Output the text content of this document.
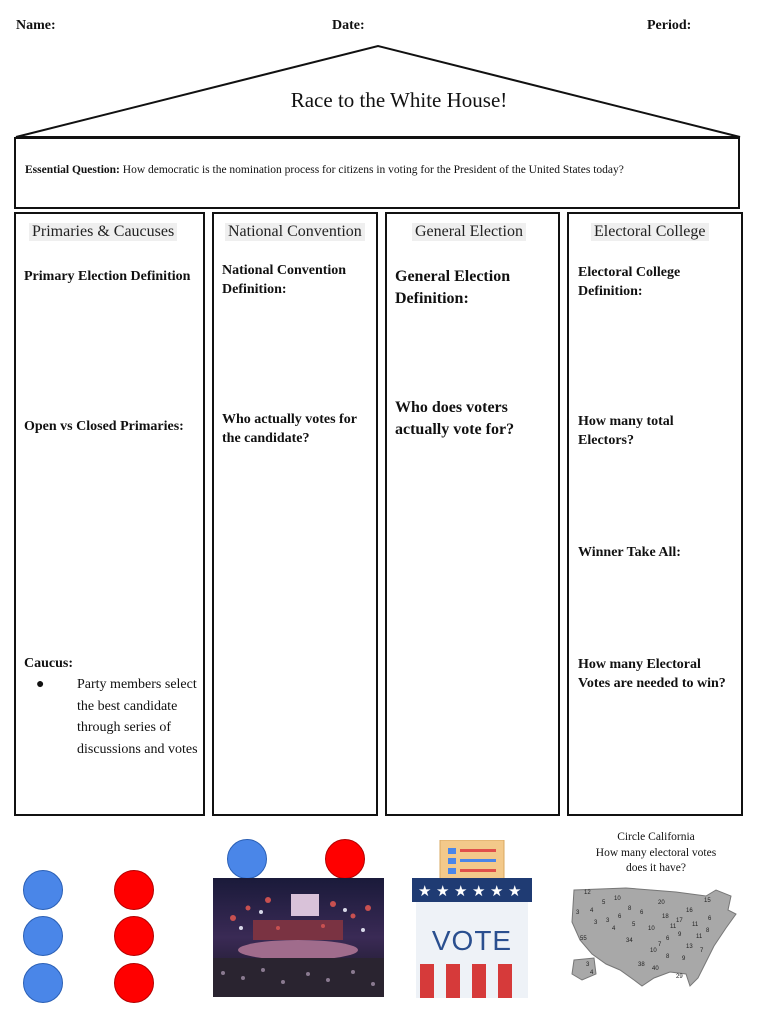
Name:	Date:	Period:
Race to the White House!
Essential Question: How democratic is the nomination process for citizens in voting for the President of the United States today?
Primaries & Caucuses
Primary Election Definition
Open vs Closed Primaries:
Caucus:
● Party members select the best candidate through series of discussions and votes
National Convention
National Convention Definition:
Who actually votes for the candidate?
General Election
General Election Definition:
Who does voters actually vote for?
Electoral College
Electoral College Definition:
How many total Electors?
Winner Take All:
How many Electoral Votes are needed to win?
★ ★ ★ ★ ★ ★
VOTE
Circle California
How many electoral votes
does it have?
12
3 4
5
10
3 3
6
55
4
8
5
6
10
20
18
11
17
9
6
7
16
11
11
13
15
6
7
9
8
10
34
38
40
29
3
4
8
